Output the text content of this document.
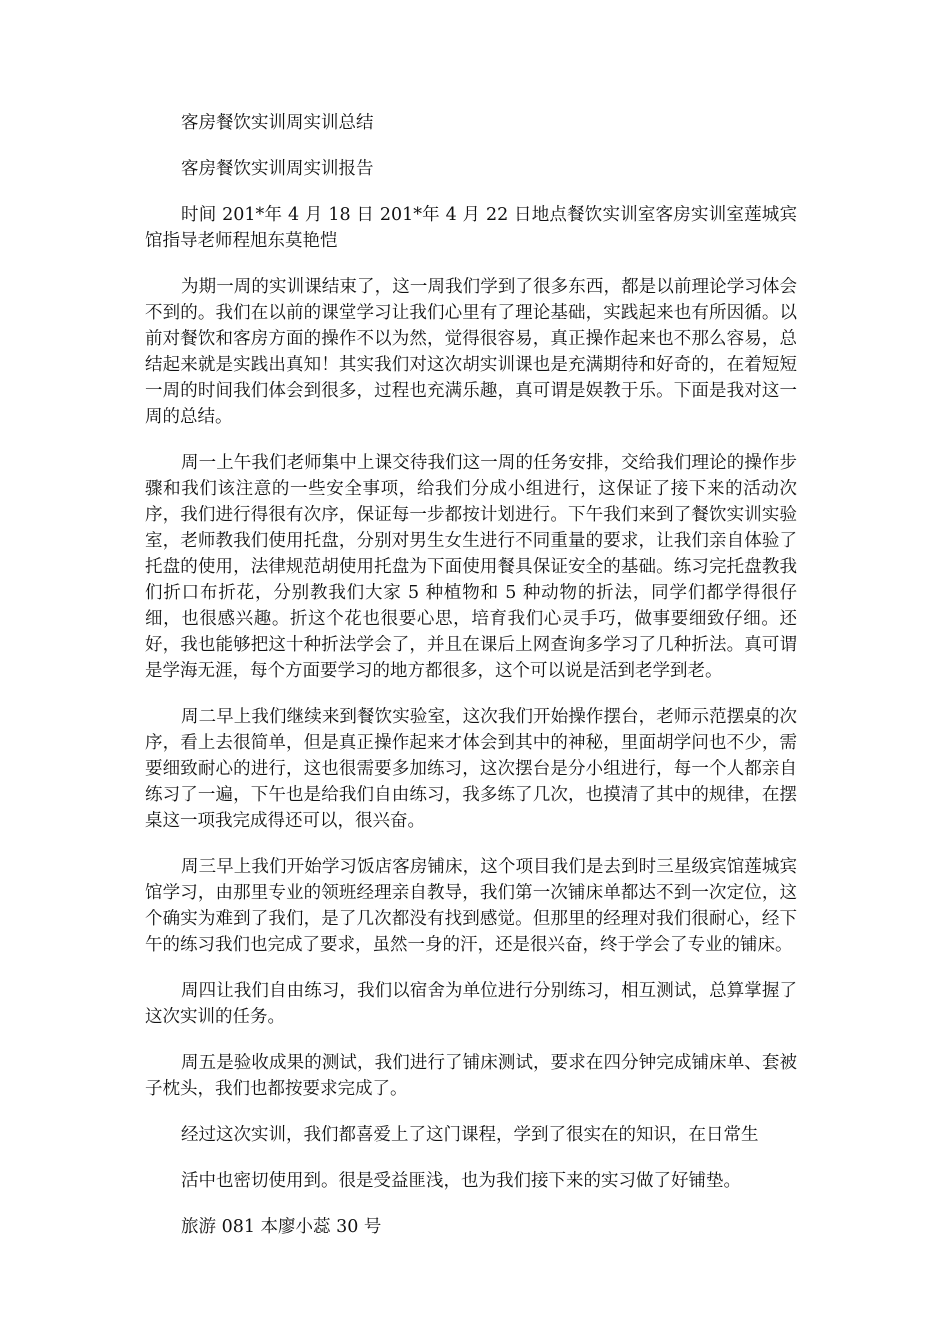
客房餐饮实训周实训总结

客房餐饮实训周实训报告

时间 201*年 4 月 18 日 201*年 4 月 22 日地点餐饮实训室客房实训室莲城宾馆指导老师程旭东莫艳恺

为期一周的实训课结束了，这一周我们学到了很多东西，都是以前理论学习体会不到的。我们在以前的课堂学习让我们心里有了理论基础，实践起来也有所因循。以前对餐饮和客房方面的操作不以为然，觉得很容易，真正操作起来也不那么容易，总结起来就是实践出真知！其实我们对这次胡实训课也是充满期待和好奇的，在着短短一周的时间我们体会到很多，过程也充满乐趣，真可谓是娱教于乐。下面是我对这一周的总结。

周一上午我们老师集中上课交待我们这一周的任务安排，交给我们理论的操作步骤和我们该注意的一些安全事项，给我们分成小组进行，这保证了接下来的活动次序，我们进行得很有次序，保证每一步都按计划进行。下午我们来到了餐饮实训实验室，老师教我们使用托盘，分别对男生女生进行不同重量的要求，让我们亲自体验了托盘的使用，法律规范胡使用托盘为下面使用餐具保证安全的基础。练习完托盘教我们折口布折花，分别教我们大家 5 种植物和 5 种动物的折法，同学们都学得很仔细，也很感兴趣。折这个花也很要心思，培育我们心灵手巧，做事要细致仔细。还好，我也能够把这十种折法学会了，并且在课后上网查询多学习了几种折法。真可谓是学海无涯，每个方面要学习的地方都很多，这个可以说是活到老学到老。

周二早上我们继续来到餐饮实验室，这次我们开始操作摆台，老师示范摆桌的次序，看上去很简单，但是真正操作起来才体会到其中的神秘，里面胡学问也不少，需要细致耐心的进行，这也很需要多加练习，这次摆台是分小组进行，每一个人都亲自练习了一遍，下午也是给我们自由练习，我多练了几次，也摸清了其中的规律，在摆桌这一项我完成得还可以，很兴奋。

周三早上我们开始学习饭店客房铺床，这个项目我们是去到时三星级宾馆莲城宾馆学习，由那里专业的领班经理亲自教导，我们第一次铺床单都达不到一次定位，这个确实为难到了我们，是了几次都没有找到感觉。但那里的经理对我们很耐心，经下午的练习我们也完成了要求，虽然一身的汗，还是很兴奋，终于学会了专业的铺床。

周四让我们自由练习，我们以宿舍为单位进行分别练习，相互测试，总算掌握了这次实训的任务。

周五是验收成果的测试，我们进行了铺床测试，要求在四分钟完成铺床单、套被子枕头，我们也都按要求完成了。

经过这次实训，我们都喜爱上了这门课程，学到了很实在的知识，在日常生

活中也密切使用到。很是受益匪浅，也为我们接下来的实习做了好铺垫。

旅游 081 本廖小蕊 30 号
